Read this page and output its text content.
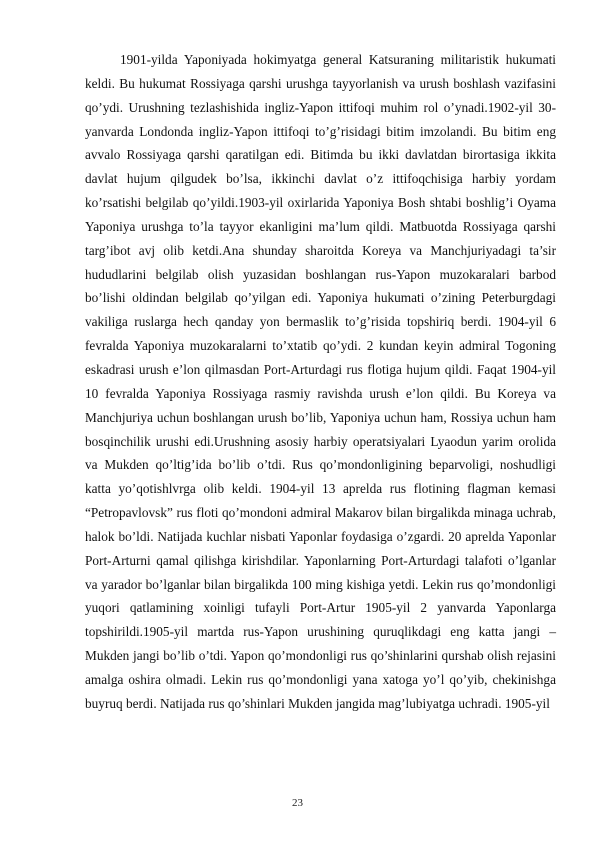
1901-yilda Yaponiyada hokimyatga general Katsuraning militaristik hukumati keldi. Bu hukumat Rossiyaga qarshi urushga tayyorlanish va urush boshlash vazifasini qo’ydi. Urushning tezlashishida ingliz-Yapon ittifoqi muhim rol o’ynadi.1902-yil 30-yanvarda Londonda ingliz-Yapon ittifoqi to’g’risidagi bitim imzolandi. Bu bitim eng avvalo Rossiyaga qarshi qaratilgan edi. Bitimda bu ikki davlatdan birortasiga ikkita davlat hujum qilgudek bo’lsa, ikkinchi davlat o’z ittifoqchisiga harbiy yordam ko’rsatishi belgilab qo’yildi.1903-yil oxirlarida Yaponiya Bosh shtabi boshlig’i Oyama Yaponiya urushga to’la tayyor ekanligini ma’lum qildi. Matbuotda Rossiyaga qarshi targ’ibot avj olib ketdi.Ana shunday sharoitda Koreya va Manchjuriyadagi ta’sir hududlarini belgilab olish yuzasidan boshlangan rus-Yapon muzokaralari barbod bo’lishi oldindan belgilab qo’yilgan edi. Yaponiya hukumati o’zining Peterburgdagi vakiliga ruslarga hech qanday yon bermaslik to’g’risida topshiriq berdi. 1904-yil 6 fevralda Yaponiya muzokaralarni to’xtatib qo’ydi. 2 kundan keyin admiral Togoning eskadrasi urush e’lon qilmasdan Port-Arturdagi rus flotiga hujum qildi. Faqat 1904-yil 10 fevralda Yaponiya Rossiyaga rasmiy ravishda urush e’lon qildi. Bu Koreya va Manchjuriya uchun boshlangan urush bo’lib, Yaponiya uchun ham, Rossiya uchun ham bosqinchilik urushi edi.Urushning asosiy harbiy operatsiyalari Lyaodun yarim orolida va Mukden qo’ltig’ida bo’lib o’tdi. Rus qo’mondonligining beparvoligi, noshudligi katta yo’qotishlvrga olib keldi. 1904-yil 13 aprelda rus flotining flagman kemasi “Petropavlovsk” rus floti qo’mondoni admiral Makarov bilan birgalikda minaga uchrab, halok bo’ldi. Natijada kuchlar nisbati Yaponlar foydasiga o’zgardi. 20 aprelda Yaponlar Port-Arturni qamal qilishga kirishdilar. Yaponlarning Port-Arturdagi talafoti o’lganlar va yarador bo’lganlar bilan birgalikda 100 ming kishiga yetdi. Lekin rus qo’mondonligi yuqori qatlamining xoinligi tufayli Port-Artur 1905-yil 2 yanvarda Yaponlarga topshirildi.1905-yil martda rus-Yapon urushining quruqlikdagi eng katta jangi – Mukden jangi bo’lib o’tdi. Yapon qo’mondonligi rus qo’shinlarini qurshab olish rejasini amalga oshira olmadi. Lekin rus qo’mondonligi yana xatoga yo’l qo’yib, chekinishga buyruq berdi. Natijada rus qo’shinlari Mukden jangida mag’lubiyatga uchradi. 1905-yil

23
